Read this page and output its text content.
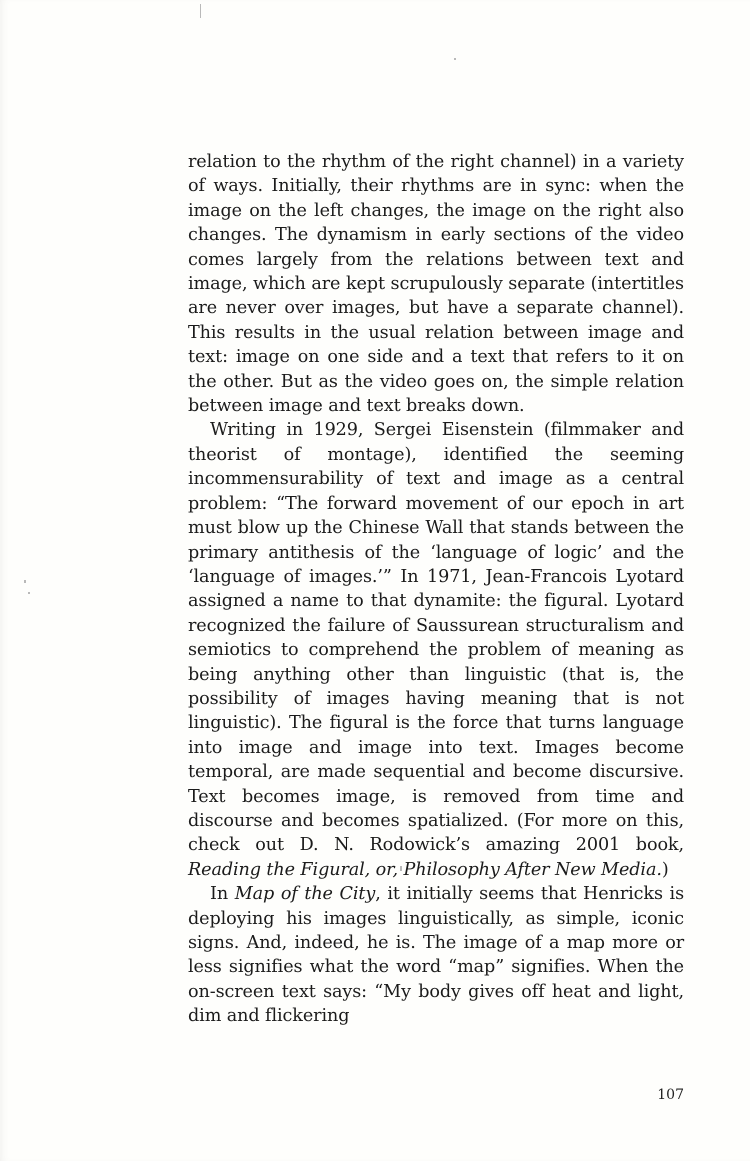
relation to the rhythm of the right channel) in a variety of ways. Initially, their rhythms are in sync: when the image on the left changes, the image on the right also changes. The dynamism in early sections of the video comes largely from the relations between text and image, which are kept scrupulously separate (intertitles are never over images, but have a separate channel). This results in the usual relation between image and text: image on one side and a text that refers to it on the other. But as the video goes on, the simple relation between image and text breaks down.

Writing in 1929, Sergei Eisenstein (filmmaker and theorist of montage), identified the seeming incommensurability of text and image as a central problem: “The forward movement of our epoch in art must blow up the Chinese Wall that stands between the primary antithesis of the ‘language of logic’ and the ‘language of images.’” In 1971, Jean-Francois Lyotard assigned a name to that dynamite: the figural. Lyotard recognized the failure of Saussurean structuralism and semiotics to comprehend the problem of meaning as being anything other than linguistic (that is, the possibility of images having meaning that is not linguistic). The figural is the force that turns language into image and image into text. Images become temporal, are made sequential and become discursive. Text becomes image, is removed from time and discourse and becomes spatialized. (For more on this, check out D. N. Rodowick’s amazing 2001 book, Reading the Figural, or, Philosophy After New Media.)

In Map of the City, it initially seems that Henricks is deploying his images linguistically, as simple, iconic signs. And, indeed, he is. The image of a map more or less signifies what the word “map” signifies. When the on-screen text says: “My body gives off heat and light, dim and flickering

107
